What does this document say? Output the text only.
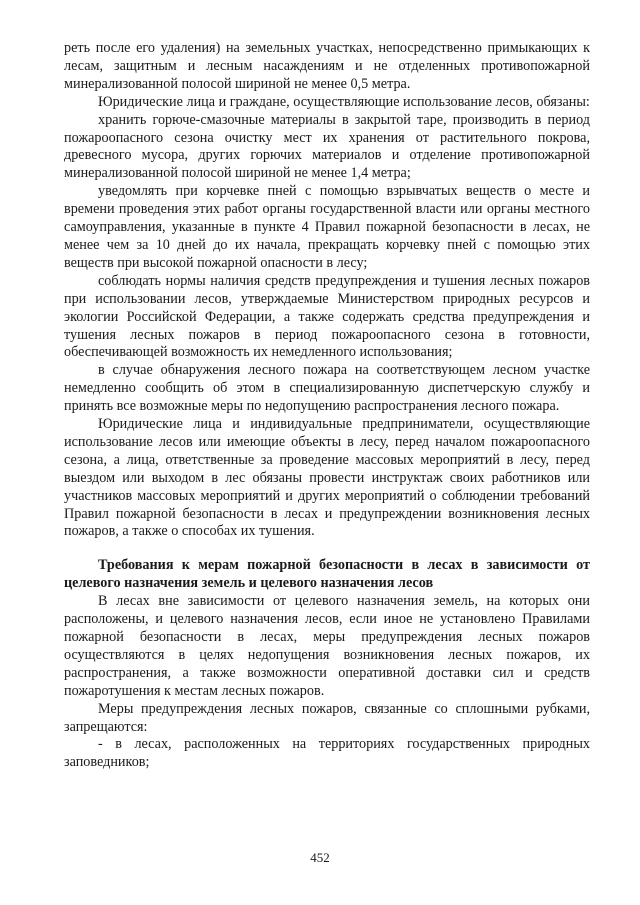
реть после его удаления) на земельных участках, непосредственно примыкающих к лесам, защитным и лесным насаждениям и не отделенных противопожарной минерализованной полосой шириной не менее 0,5 метра.

Юридические лица и граждане, осуществляющие использование лесов, обязаны:

хранить горюче-смазочные материалы в закрытой таре, производить в период пожароопасного сезона очистку мест их хранения от растительного покрова, древесного мусора, других горючих материалов и отделение противопожарной минерализованной полосой шириной не менее 1,4 метра;

уведомлять при корчевке пней с помощью взрывчатых веществ о месте и времени проведения этих работ органы государственной власти или органы местного самоуправления, указанные в пункте 4 Правил пожарной безопасности в лесах, не менее чем за 10 дней до их начала, прекращать корчевку пней с помощью этих веществ при высокой пожарной опасности в лесу;

соблюдать нормы наличия средств предупреждения и тушения лесных пожаров при использовании лесов, утверждаемые Министерством природных ресурсов и экологии Российской Федерации, а также содержать средства предупреждения и тушения лесных пожаров в период пожароопасного сезона в готовности, обеспечивающей возможность их немедленного использования;

в случае обнаружения лесного пожара на соответствующем лесном участке немедленно сообщить об этом в специализированную диспетчерскую службу и принять все возможные меры по недопущению распространения лесного пожара.

Юридические лица и индивидуальные предприниматели, осуществляющие использование лесов или имеющие объекты в лесу, перед началом пожароопасного сезона, а лица, ответственные за проведение массовых мероприятий в лесу, перед выездом или выходом в лес обязаны провести инструктаж своих работников или участников массовых мероприятий и других мероприятий о соблюдении требований Правил пожарной безопасности в лесах и предупреждении возникновения лесных пожаров, а также о способах их тушения.

Требования к мерам пожарной безопасности в лесах в зависимости от целевого назначения земель и целевого назначения лесов

В лесах вне зависимости от целевого назначения земель, на которых они расположены, и целевого назначения лесов, если иное не установлено Правилами пожарной безопасности в лесах, меры предупреждения лесных пожаров осуществляются в целях недопущения возникновения лесных пожаров, их распространения, а также возможности оперативной доставки сил и средств пожаротушения к местам лесных пожаров.

Меры предупреждения лесных пожаров, связанные со сплошными рубками, запрещаются:

- в лесах, расположенных на территориях государственных природных заповедников;

452
